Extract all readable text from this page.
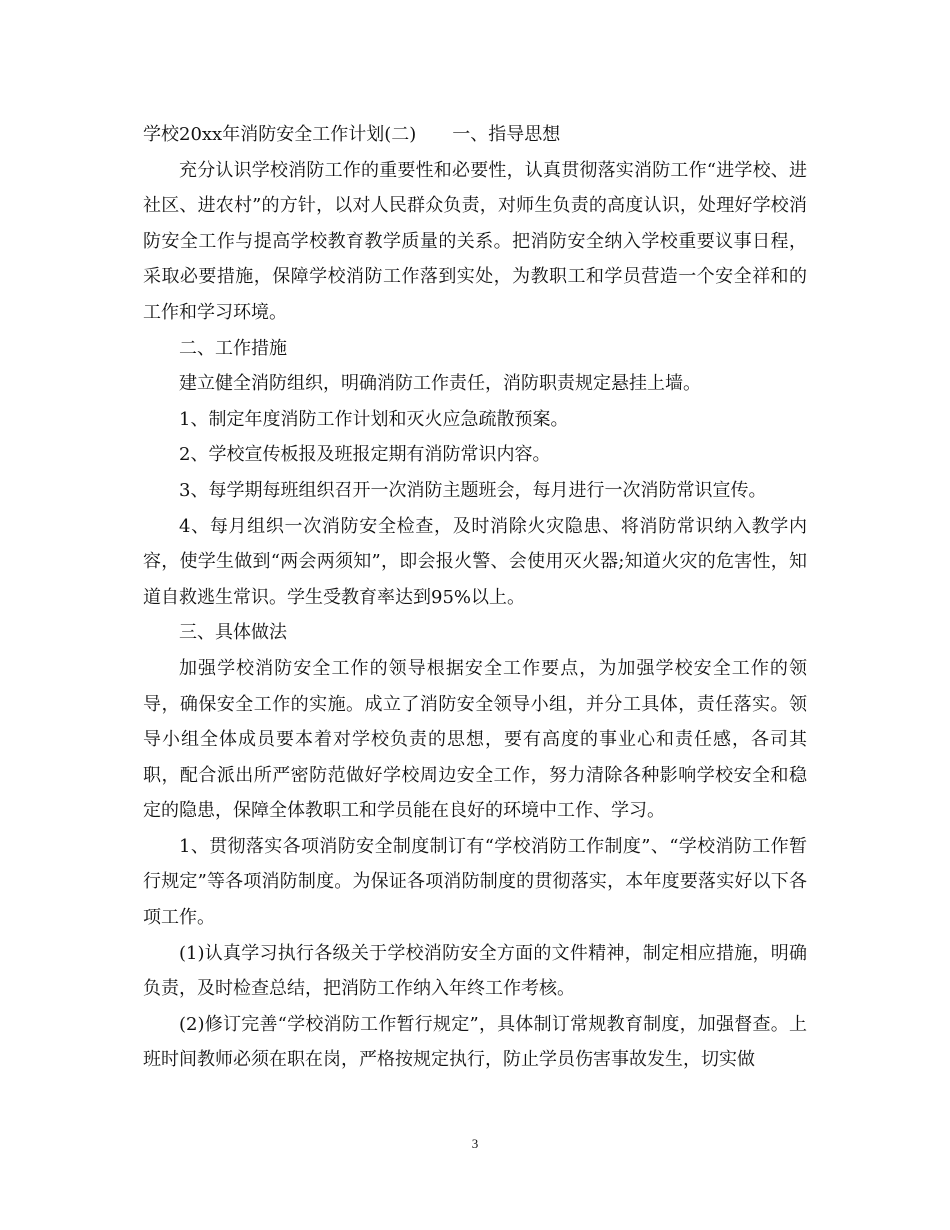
学校20xx年消防安全工作计划(二) 一、指导思想

充分认识学校消防工作的重要性和必要性，认真贯彻落实消防工作“进学校、进社区、进农村”的方针，以对人民群众负责，对师生负责的高度认识，处理好学校消防安全工作与提高学校教育教学质量的关系。把消防安全纳入学校重要议事日程，采取必要措施，保障学校消防工作落到实处，为教职工和学员营造一个安全祥和的工作和学习环境。

二、工作措施

建立健全消防组织，明确消防工作责任，消防职责规定悬挂上墙。

1、制定年度消防工作计划和灭火应急疏散预案。

2、学校宣传板报及班报定期有消防常识内容。

3、每学期每班组织召开一次消防主题班会，每月进行一次消防常识宣传。

4、每月组织一次消防安全检查，及时消除火灾隐患、将消防常识纳入教学内容，使学生做到“两会两须知”，即会报火警、会使用灭火器;知道火灾的危害性，知道自救逃生常识。学生受教育率达到95%以上。

三、具体做法

加强学校消防安全工作的领导根据安全工作要点，为加强学校安全工作的领导，确保安全工作的实施。成立了消防安全领导小组，并分工具体，责任落实。领导小组全体成员要本着对学校负责的思想，要有高度的事业心和责任感，各司其职，配合派出所严密防范做好学校周边安全工作，努力清除各种影响学校安全和稳定的隐患，保障全体教职工和学员能在良好的环境中工作、学习。

1、贯彻落实各项消防安全制度制订有“学校消防工作制度”、“学校消防工作暂行规定”等各项消防制度。为保证各项消防制度的贯彻落实，本年度要落实好以下各项工作。

(1)认真学习执行各级关于学校消防安全方面的文件精神，制定相应措施，明确负责，及时检查总结，把消防工作纳入年终工作考核。

(2)修订完善“学校消防工作暂行规定”，具体制订常规教育制度，加强督查。上班时间教师必须在职在岗，严格按规定执行，防止学员伤害事故发生，切实做

3
